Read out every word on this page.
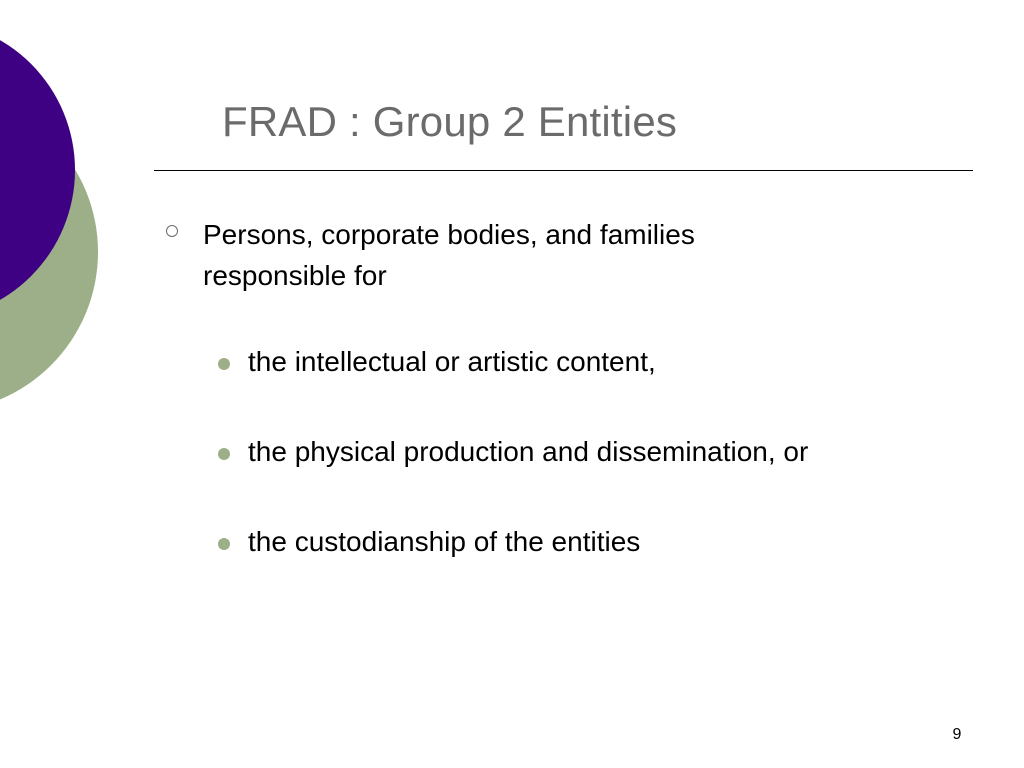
FRAD : Group 2 Entities
Persons, corporate bodies, and families responsible for
the intellectual or artistic content,
the physical production and dissemination, or
the custodianship of the entities
9
